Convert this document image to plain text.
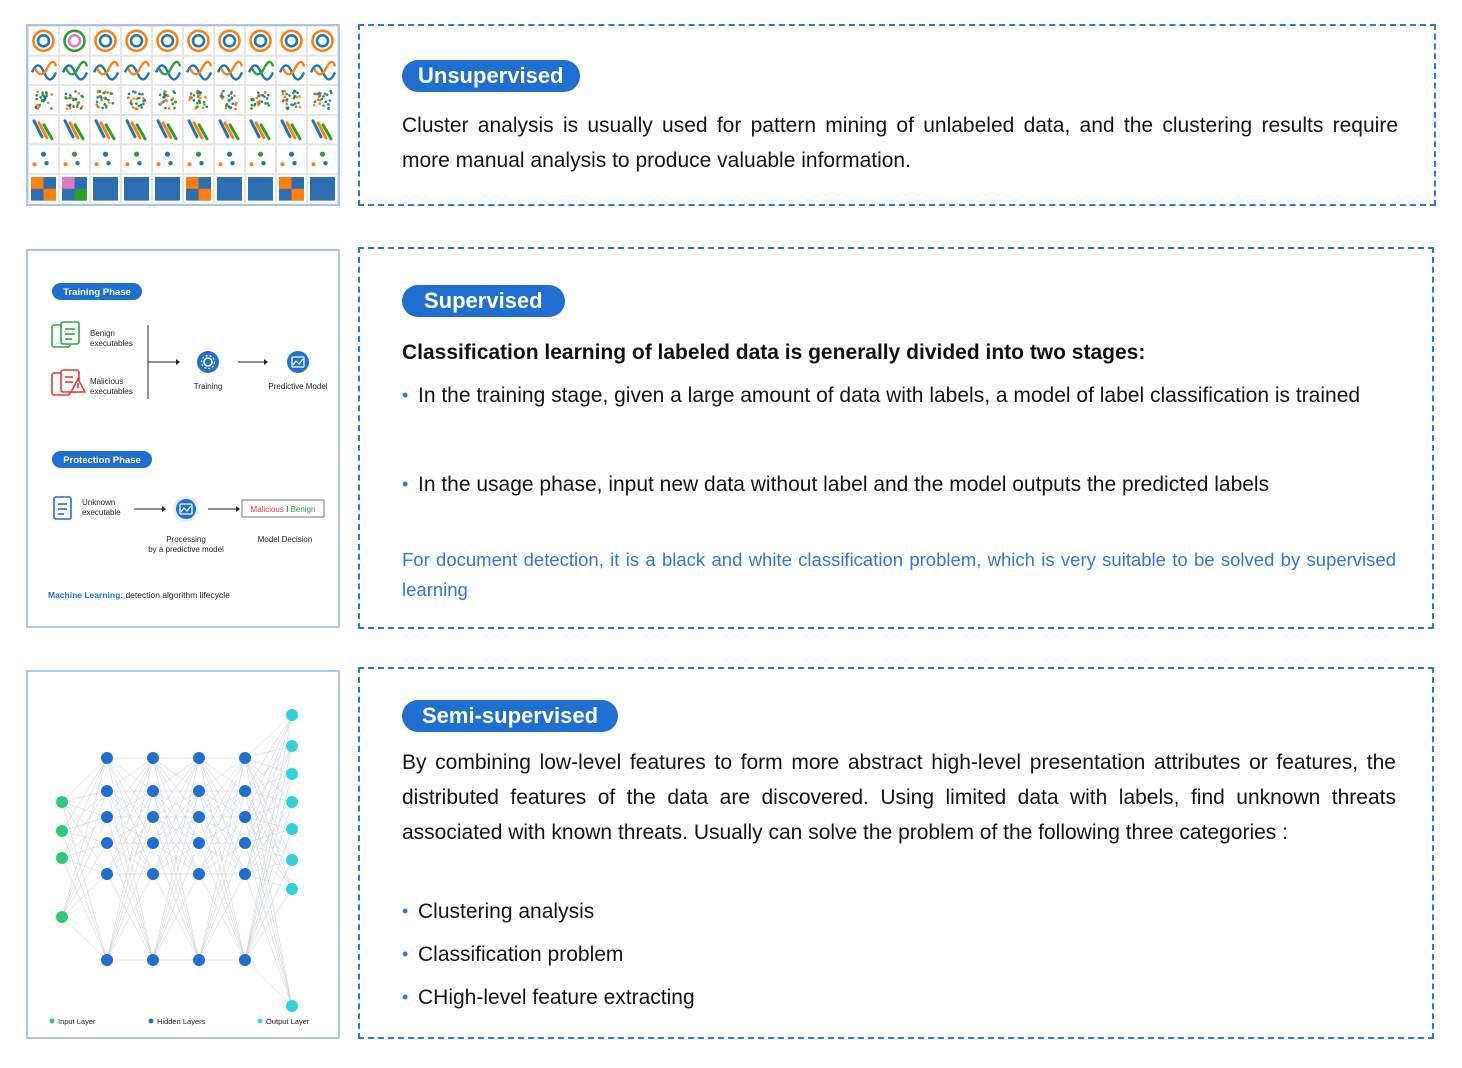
Unsupervised
Cluster analysis is usually used for pattern mining of unlabeled data, and the clustering results require more manual analysis to produce valuable information.
Training Phase
Benign
executables
Malicious
executables
Training	Predictive Model
Protection Phase
Unknown
executable
Processing
by a predictive model
Malicious I Benign
Model Decision
Machine Learning: detection algorithm lifecycle
Supervised
Classification learning of labeled data is generally divided into two stages:
• In the training stage, given a large amount of data with labels, a model of label classification is trained
• In the usage phase, input new data without label and the model outputs the predicted labels
For document detection, it is a black and white classification problem, which is very suitable to be solved by supervised learning
Input Layer	Hidden Layers	Output Layer
Semi-supervised
By combining low-level features to form more abstract high-level presentation attributes or features, the distributed features of the data are discovered. Using limited data with labels, find unknown threats associated with known threats. Usually can solve the problem of the following three categories :
• Clustering analysis
• Classification problem
• CHigh-level feature extracting
